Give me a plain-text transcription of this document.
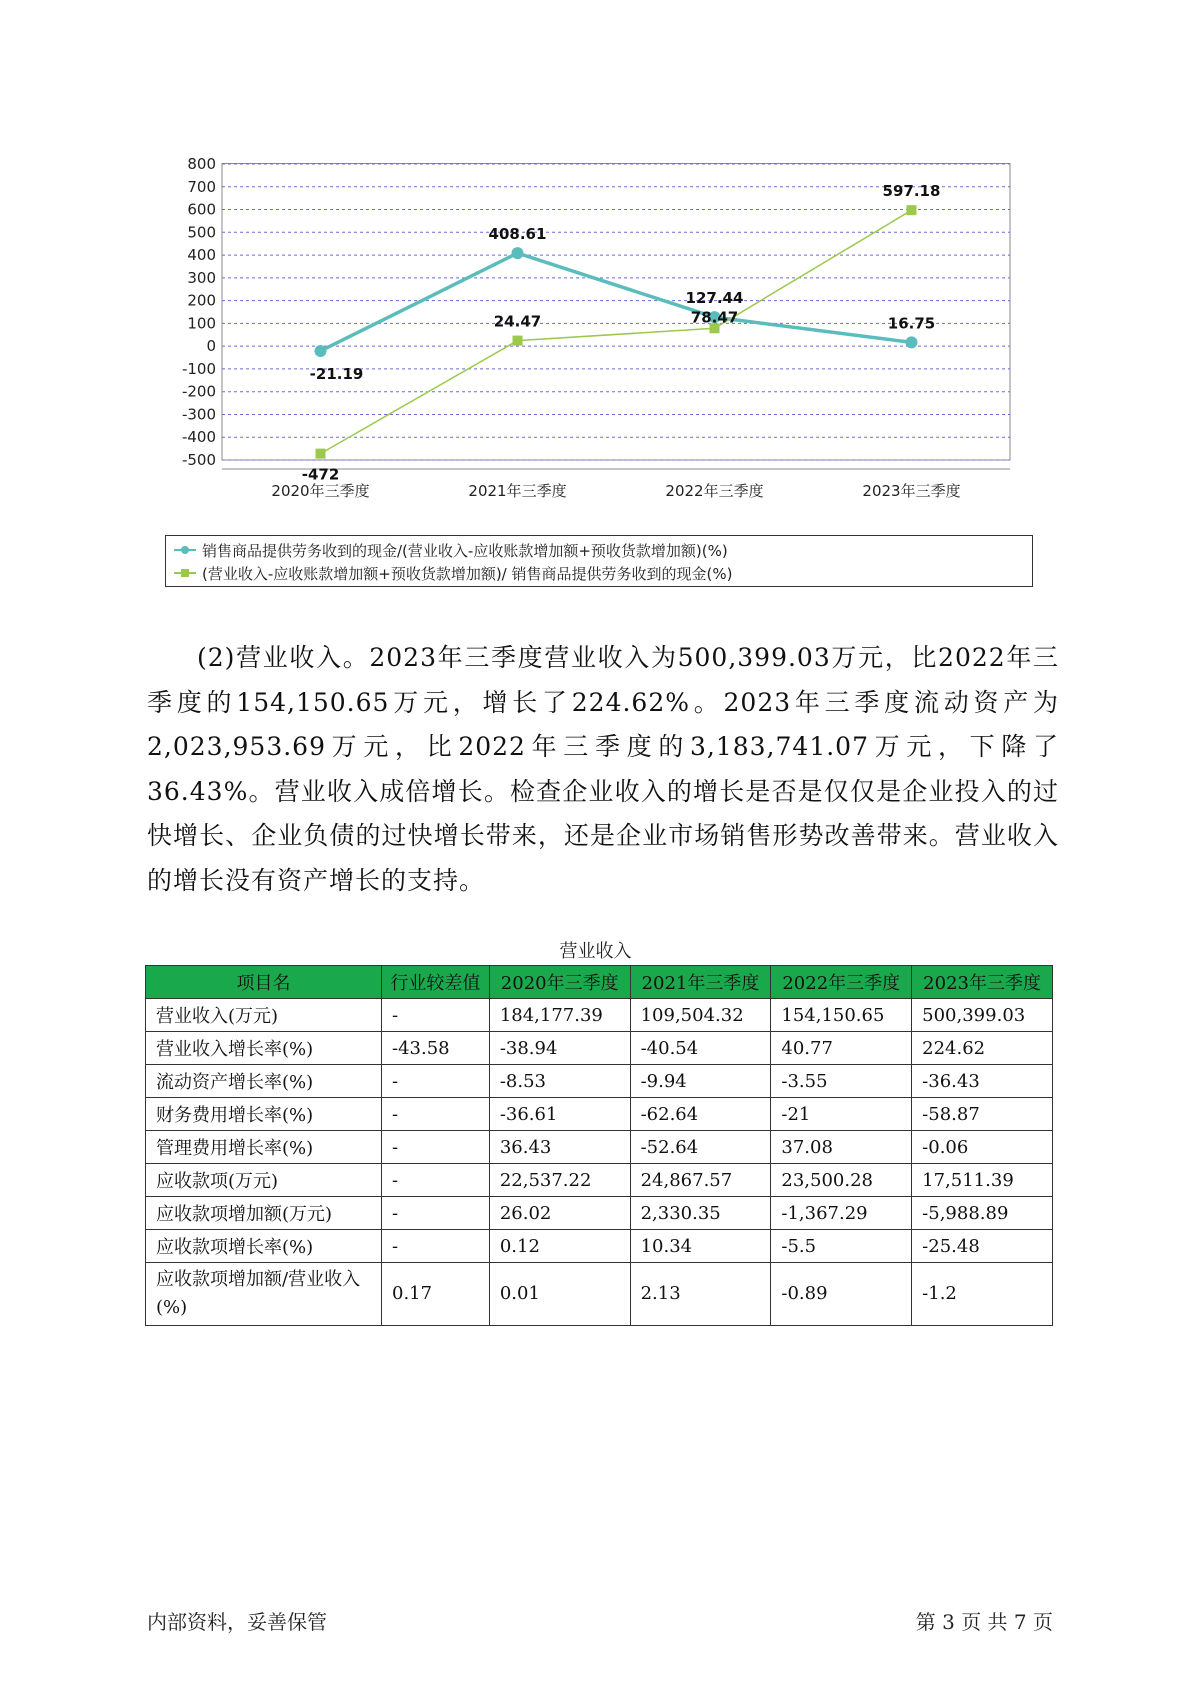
800
700
600
500
400
300
200
100
0
-100
-200
-300
-400
-500
2020年三季度	2021年三季度	2022年三季度	2023年三季度
-21.19
408.61
127.44
16.75
-472
24.47	78.47
597.18
销售商品提供劳务收到的现金/(营业收入-应收账款增加额+预收货款增加额)(%)
(营业收入-应收账款增加额+预收货款增加额)/ 销售商品提供劳务收到的现金(%)

(2)营业收入。2023年三季度营业收入为500,399.03万元，比2022年三季度的154,150.65万元，增长了224.62%。2023年三季度流动资产为2,023,953.69万元，比2022年三季度的3,183,741.07万元，下降了36.43%。营业收入成倍增长。检查企业收入的增长是否是仅仅是企业投入的过快增长、企业负债的过快增长带来，还是企业市场销售形势改善带来。营业收入的增长没有资产增长的支持。

营业收入
项目名	行业较差值	2020年三季度	2021年三季度	2022年三季度	2023年三季度
营业收入(万元)	-	184,177.39	109,504.32	154,150.65	500,399.03
营业收入增长率(%)	-43.58	-38.94	-40.54	40.77	224.62
流动资产增长率(%)	-	-8.53	-9.94	-3.55	-36.43
财务费用增长率(%)	-	-36.61	-62.64	-21	-58.87
管理费用增长率(%)	-	36.43	-52.64	37.08	-0.06
应收款项(万元)	-	22,537.22	24,867.57	23,500.28	17,511.39
应收款项增加额(万元)	-	26.02	2,330.35	-1,367.29	-5,988.89
应收款项增长率(%)	-	0.12	10.34	-5.5	-25.48
应收款项增加额/营业收入(%)	0.17	0.01	2.13	-0.89	-1.2
内部资料，妥善保管	第 3 页 共 7 页
